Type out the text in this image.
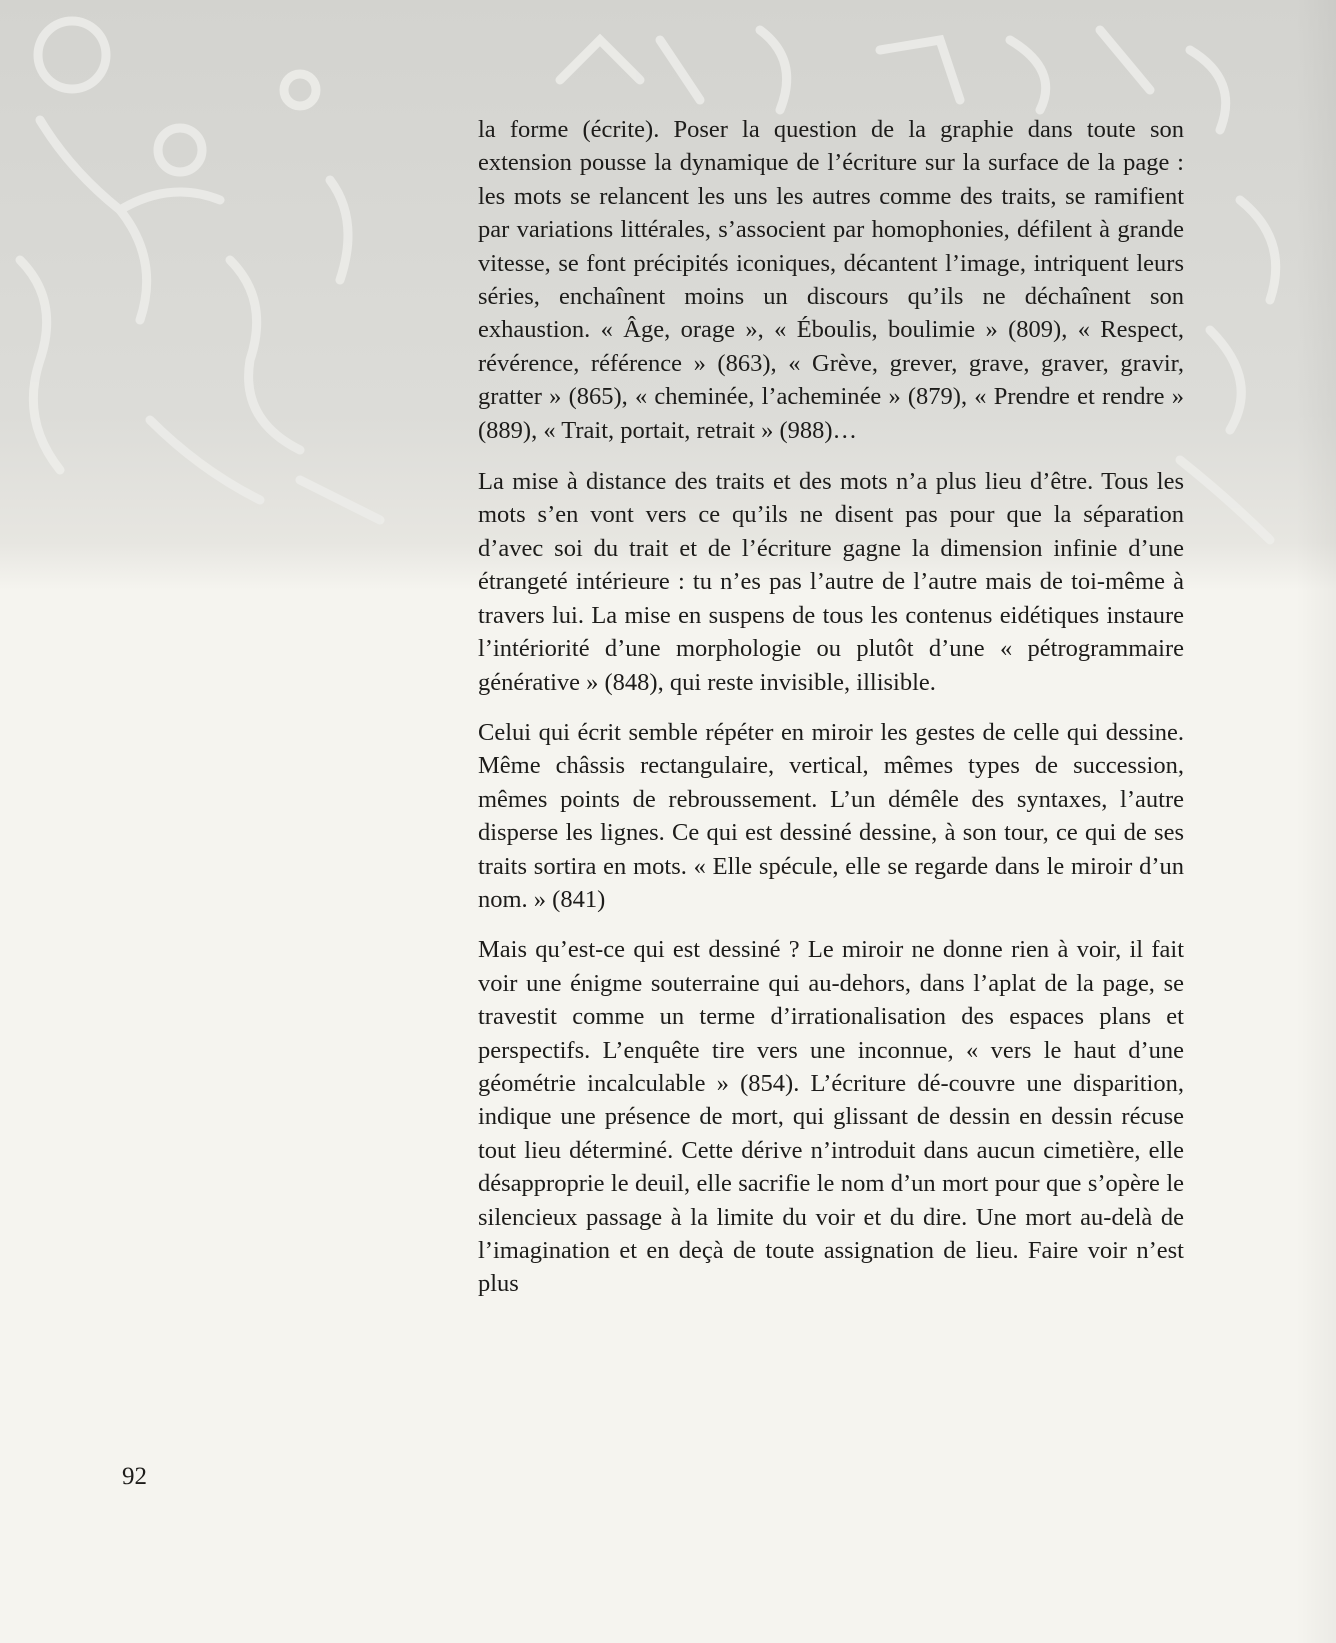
la forme (écrite). Poser la question de la graphie dans toute son extension pousse la dynamique de l’écriture sur la surface de la page : les mots se relancent les uns les autres comme des traits, se ramifient par variations littérales, s’associent par homophonies, défilent à grande vitesse, se font précipités iconiques, décantent l’image, intriquent leurs séries, enchaînent moins un discours qu’ils ne déchaînent son exhaustion. « Âge, orage », « Éboulis, boulimie » (809), « Respect, révérence, référence » (863), « Grève, grever, grave, graver, gravir, gratter » (865), « cheminée, l’acheminée » (879), « Prendre et rendre » (889), « Trait, portait, retrait » (988)…

La mise à distance des traits et des mots n’a plus lieu d’être. Tous les mots s’en vont vers ce qu’ils ne disent pas pour que la séparation d’avec soi du trait et de l’écriture gagne la dimension infinie d’une étrangeté intérieure : tu n’es pas l’autre de l’autre mais de toi-même à travers lui. La mise en suspens de tous les contenus eidétiques instaure l’intériorité d’une morphologie ou plutôt d’une « pétrogrammaire générative » (848), qui reste invisible, illisible.

Celui qui écrit semble répéter en miroir les gestes de celle qui dessine. Même châssis rectangulaire, vertical, mêmes types de succession, mêmes points de rebroussement. L’un démêle des syntaxes, l’autre disperse les lignes. Ce qui est dessiné dessine, à son tour, ce qui de ses traits sortira en mots. « Elle spécule, elle se regarde dans le miroir d’un nom. » (841)

Mais qu’est-ce qui est dessiné ? Le miroir ne donne rien à voir, il fait voir une énigme souterraine qui au-dehors, dans l’aplat de la page, se travestit comme un terme d’irrationalisation des espaces plans et perspectifs. L’enquête tire vers une inconnue, « vers le haut d’une géométrie incalculable » (854). L’écriture dé-couvre une disparition, indique une présence de mort, qui glissant de dessin en dessin récuse tout lieu déterminé. Cette dérive n’introduit dans aucun cimetière, elle désapproprie le deuil, elle sacrifie le nom d’un mort pour que s’opère le silencieux passage à la limite du voir et du dire. Une mort au-delà de l’imagination et en deçà de toute assignation de lieu. Faire voir n’est plus

92
